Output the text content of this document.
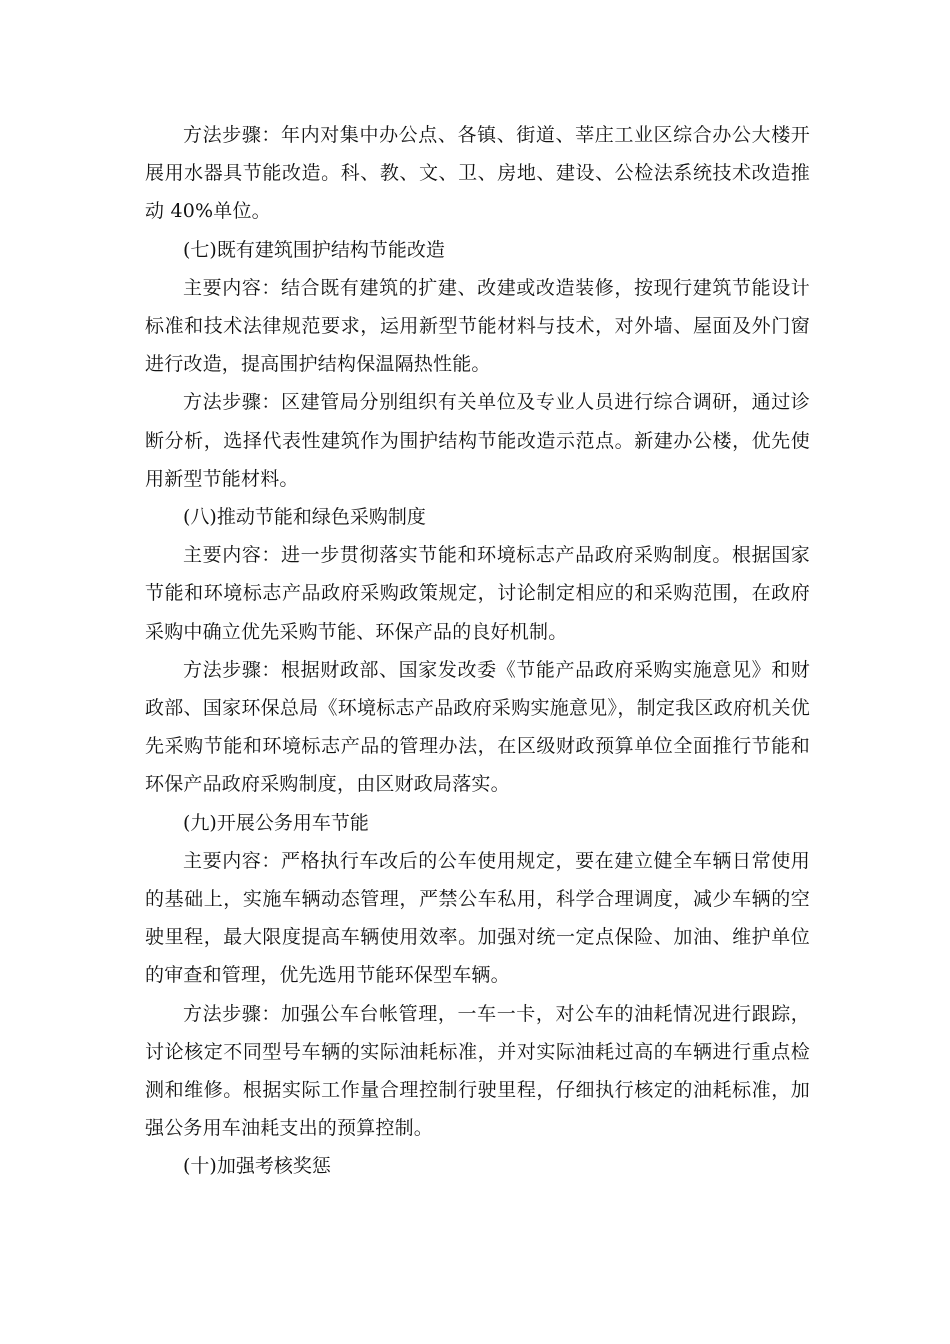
方法步骤：年内对集中办公点、各镇、街道、莘庄工业区综合办公大楼开展用水器具节能改造。科、教、文、卫、房地、建设、公检法系统技术改造推动 40%单位。

(七)既有建筑围护结构节能改造

主要内容：结合既有建筑的扩建、改建或改造装修，按现行建筑节能设计标准和技术法律规范要求，运用新型节能材料与技术，对外墙、屋面及外门窗进行改造，提高围护结构保温隔热性能。

方法步骤：区建管局分别组织有关单位及专业人员进行综合调研，通过诊断分析，选择代表性建筑作为围护结构节能改造示范点。新建办公楼，优先使用新型节能材料。

(八)推动节能和绿色采购制度

主要内容：进一步贯彻落实节能和环境标志产品政府采购制度。根据国家节能和环境标志产品政府采购政策规定，讨论制定相应的和采购范围，在政府采购中确立优先采购节能、环保产品的良好机制。

方法步骤：根据财政部、国家发改委《节能产品政府采购实施意见》和财政部、国家环保总局《环境标志产品政府采购实施意见》，制定我区政府机关优先采购节能和环境标志产品的管理办法，在区级财政预算单位全面推行节能和环保产品政府采购制度，由区财政局落实。

(九)开展公务用车节能

主要内容：严格执行车改后的公车使用规定，要在建立健全车辆日常使用的基础上，实施车辆动态管理，严禁公车私用，科学合理调度，减少车辆的空驶里程，最大限度提高车辆使用效率。加强对统一定点保险、加油、维护单位的审查和管理，优先选用节能环保型车辆。

方法步骤：加强公车台帐管理，一车一卡，对公车的油耗情况进行跟踪，讨论核定不同型号车辆的实际油耗标准，并对实际油耗过高的车辆进行重点检测和维修。根据实际工作量合理控制行驶里程，仔细执行核定的油耗标准，加强公务用车油耗支出的预算控制。

(十)加强考核奖惩
